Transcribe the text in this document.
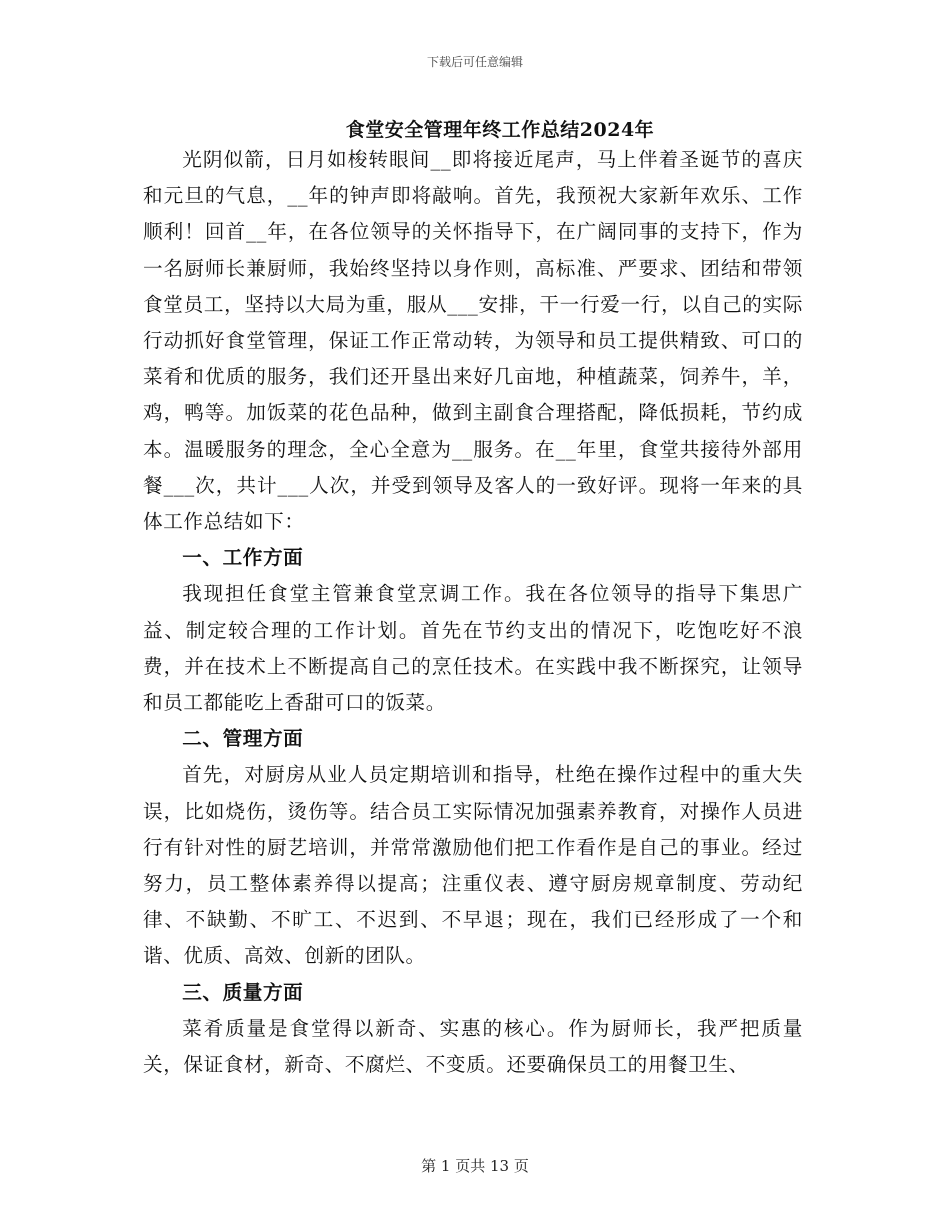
下载后可任意编辑
食堂安全管理年终工作总结2024年

光阴似箭，日月如梭转眼间__即将接近尾声，马上伴着圣诞节的喜庆和元旦的气息，__年的钟声即将敲响。首先，我预祝大家新年欢乐、工作顺利！回首__年，在各位领导的关怀指导下，在广阔同事的支持下，作为一名厨师长兼厨师，我始终坚持以身作则，高标准、严要求、团结和带领食堂员工，坚持以大局为重，服从___安排，干一行爱一行，以自己的实际行动抓好食堂管理，保证工作正常动转，为领导和员工提供精致、可口的菜肴和优质的服务，我们还开垦出来好几亩地，种植蔬菜，饲养牛，羊，鸡，鸭等。加饭菜的花色品种，做到主副食合理搭配，降低损耗，节约成本。温暖服务的理念，全心全意为__服务。在__年里，食堂共接待外部用餐___次，共计___人次，并受到领导及客人的一致好评。现将一年来的具体工作总结如下：

一、工作方面

我现担任食堂主管兼食堂烹调工作。我在各位领导的指导下集思广益、制定较合理的工作计划。首先在节约支出的情况下，吃饱吃好不浪费，并在技术上不断提高自己的烹任技术。在实践中我不断探究，让领导和员工都能吃上香甜可口的饭菜。

二、管理方面

首先，对厨房从业人员定期培训和指导，杜绝在操作过程中的重大失误，比如烧伤，烫伤等。结合员工实际情况加强素养教育，对操作人员进行有针对性的厨艺培训，并常常激励他们把工作看作是自己的事业。经过努力，员工整体素养得以提高；注重仪表、遵守厨房规章制度、劳动纪律、不缺勤、不旷工、不迟到、不早退；现在，我们已经形成了一个和谐、优质、高效、创新的团队。

三、质量方面

菜肴质量是食堂得以新奇、实惠的核心。作为厨师长，我严把质量关，保证食材，新奇、不腐烂、不变质。还要确保员工的用餐卫生、

第 1 页共 13 页
